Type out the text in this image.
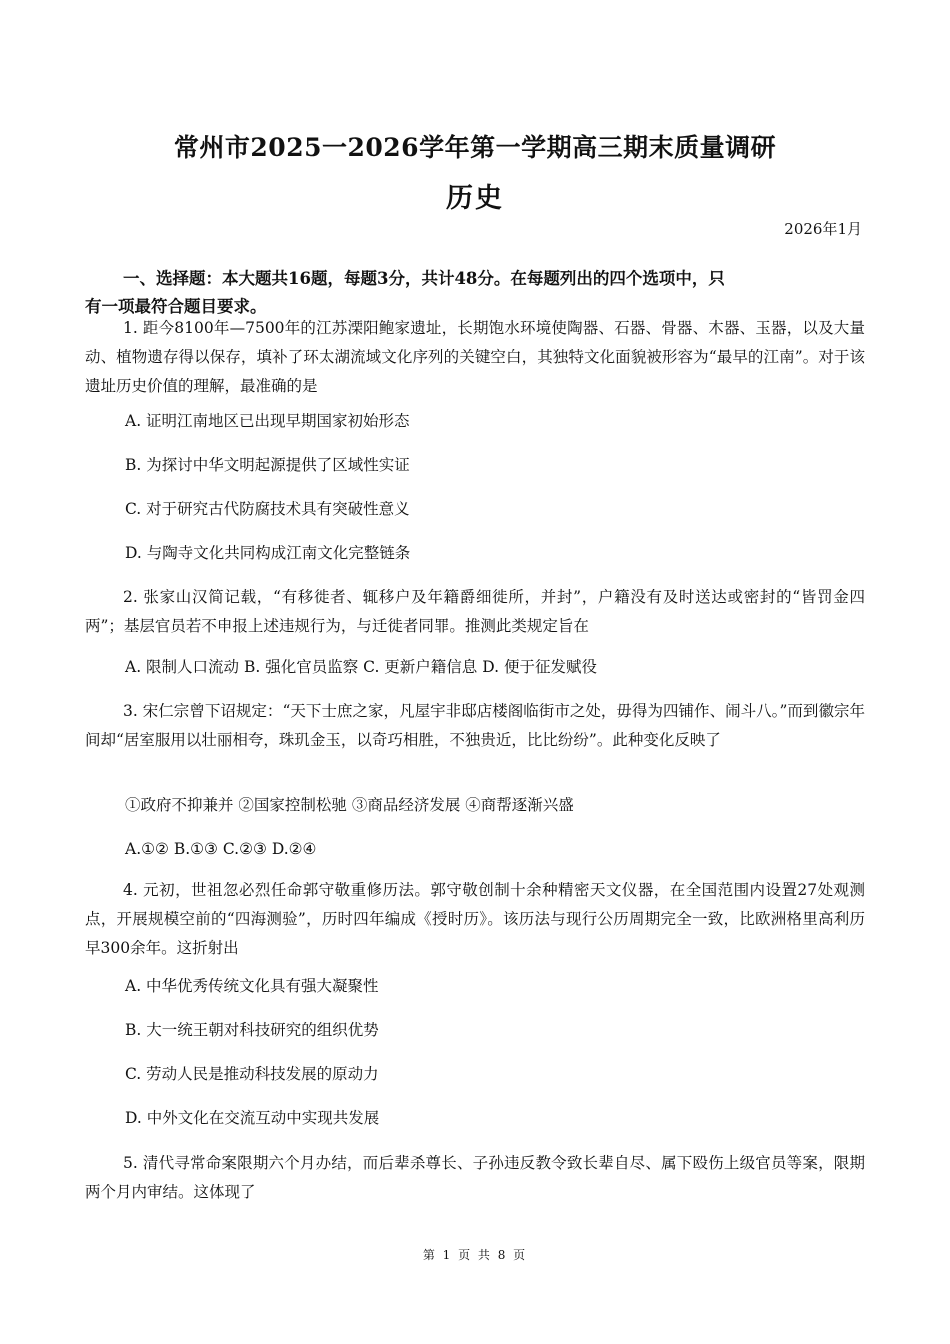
常州市2025一2026学年第一学期高三期末质量调研
历史
2026年1月
一、选择题：本大题共16题，每题3分，共计48分。在每题列出的四个选项中，只
有一项最符合题目要求。
1. 距今8100年—7500年的江苏溧阳鲍家遗址，长期饱水环境使陶器、石器、骨器、木器、玉器，以及大量动、植物遗存得以保存，填补了环太湖流域文化序列的关键空白，其独特文化面貌被形容为“最早的江南”。对于该遗址历史价值的理解，最准确的是
A. 证明江南地区已出现早期国家初始形态
B. 为探讨中华文明起源提供了区域性实证
C. 对于研究古代防腐技术具有突破性意义
D. 与陶寺文化共同构成江南文化完整链条
2. 张家山汉简记载，“有移徙者、辄移户及年籍爵细徙所，并封”，户籍没有及时送达或密封的“皆罚金四两”；基层官员若不申报上述违规行为，与迁徙者同罪。推测此类规定旨在
A. 限制人口流动 B. 强化官员监察 C. 更新户籍信息 D. 便于征发赋役
3. 宋仁宗曾下诏规定：“天下士庶之家，凡屋宇非邸店楼阁临街市之处，毋得为四铺作、闹斗八。”而到徽宗年间却“居室服用以壮丽相夸，珠玑金玉，以奇巧相胜，不独贵近，比比纷纷”。此种变化反映了
①政府不抑兼并 ②国家控制松驰 ③商品经济发展 ④商帮逐渐兴盛
A.①② B.①③ C.②③ D.②④
4. 元初，世祖忽必烈任命郭守敬重修历法。郭守敬创制十余种精密天文仪器，在全国范围内设置27处观测点，开展规模空前的“四海测验”，历时四年编成《授时历》。该历法与现行公历周期完全一致，比欧洲格里高利历早300余年。这折射出
A. 中华优秀传统文化具有强大凝聚性
B. 大一统王朝对科技研究的组织优势
C. 劳动人民是推动科技发展的原动力
D. 中外文化在交流互动中实现共发展
5. 清代寻常命案限期六个月办结，而后辈杀尊长、子孙违反教令致长辈自尽、属下殴伤上级官员等案，限期两个月内审结。这体现了
第 1 页 共 8 页
